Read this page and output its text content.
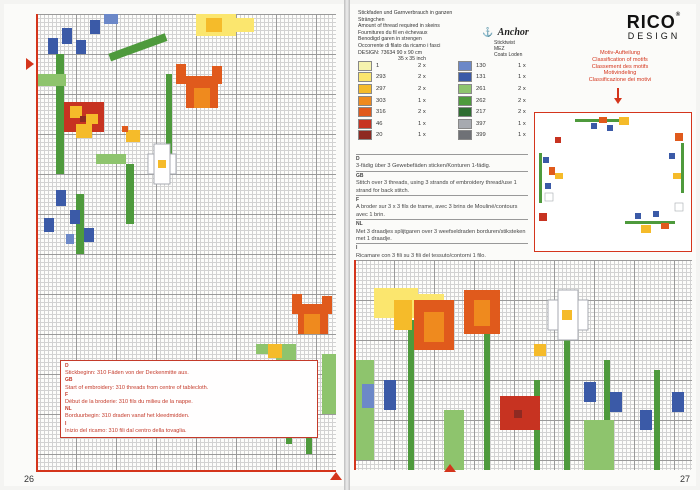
D
Stickbeginn: 310 Fäden von der Deckenmitte aus.
GB
Start of embroidery: 310 threads from centre of tablecloth.
F
Début de la broderie: 310 fils du milieu de la nappe.
NL
Borduurbegin: 310 draden vanaf het kleedmidden.
I
Inizio del ricamo: 310 fili dal centro della tovaglia.
26
Stickfaden und Garnverbrauch in ganzen Strängchen
Amount of thread required in skeins
Fournitures du fil en échevaux
Benodigd garen in strengen
Occorrente di filato da ricamo i fasci
DESIGN: 73634 90 x 90 cm
35 x 35 inch
⚓ Anchor
Sticktwist
MEZ
Coats Loden
RICO®
DESIGN
	1	2 x		130	1 x
	293	2 x		131	1 x
	297	2 x		261	2 x
	303	1 x		262	2 x
	316	2 x		217	2 x
	46	1 x		397	1 x
	20	1 x		399	1 x
Motiv-Aufteilung
Classification of motifs
Classement des motifs
Motivindeling
Classificazione dei motivi
D
3-fädig über 3 Gewebefäden sticken/Konturen 1-fädig.
GB
Stitch over 3 threads, using 3 strands of embroidery thread/use 1 strand for back stitch.
F
A broder sur 3 x 3 fils de trame, avec 3 brins de Mouliné/contours avec 1 brin.
NL
Met 3 draadjes splijtgaren over 3 weefseldraden borduren/stiksteken met 1 draadje.
I
Ricamare con 3 fili su 3 fili del tessuto/contorni 1 filo.
27
